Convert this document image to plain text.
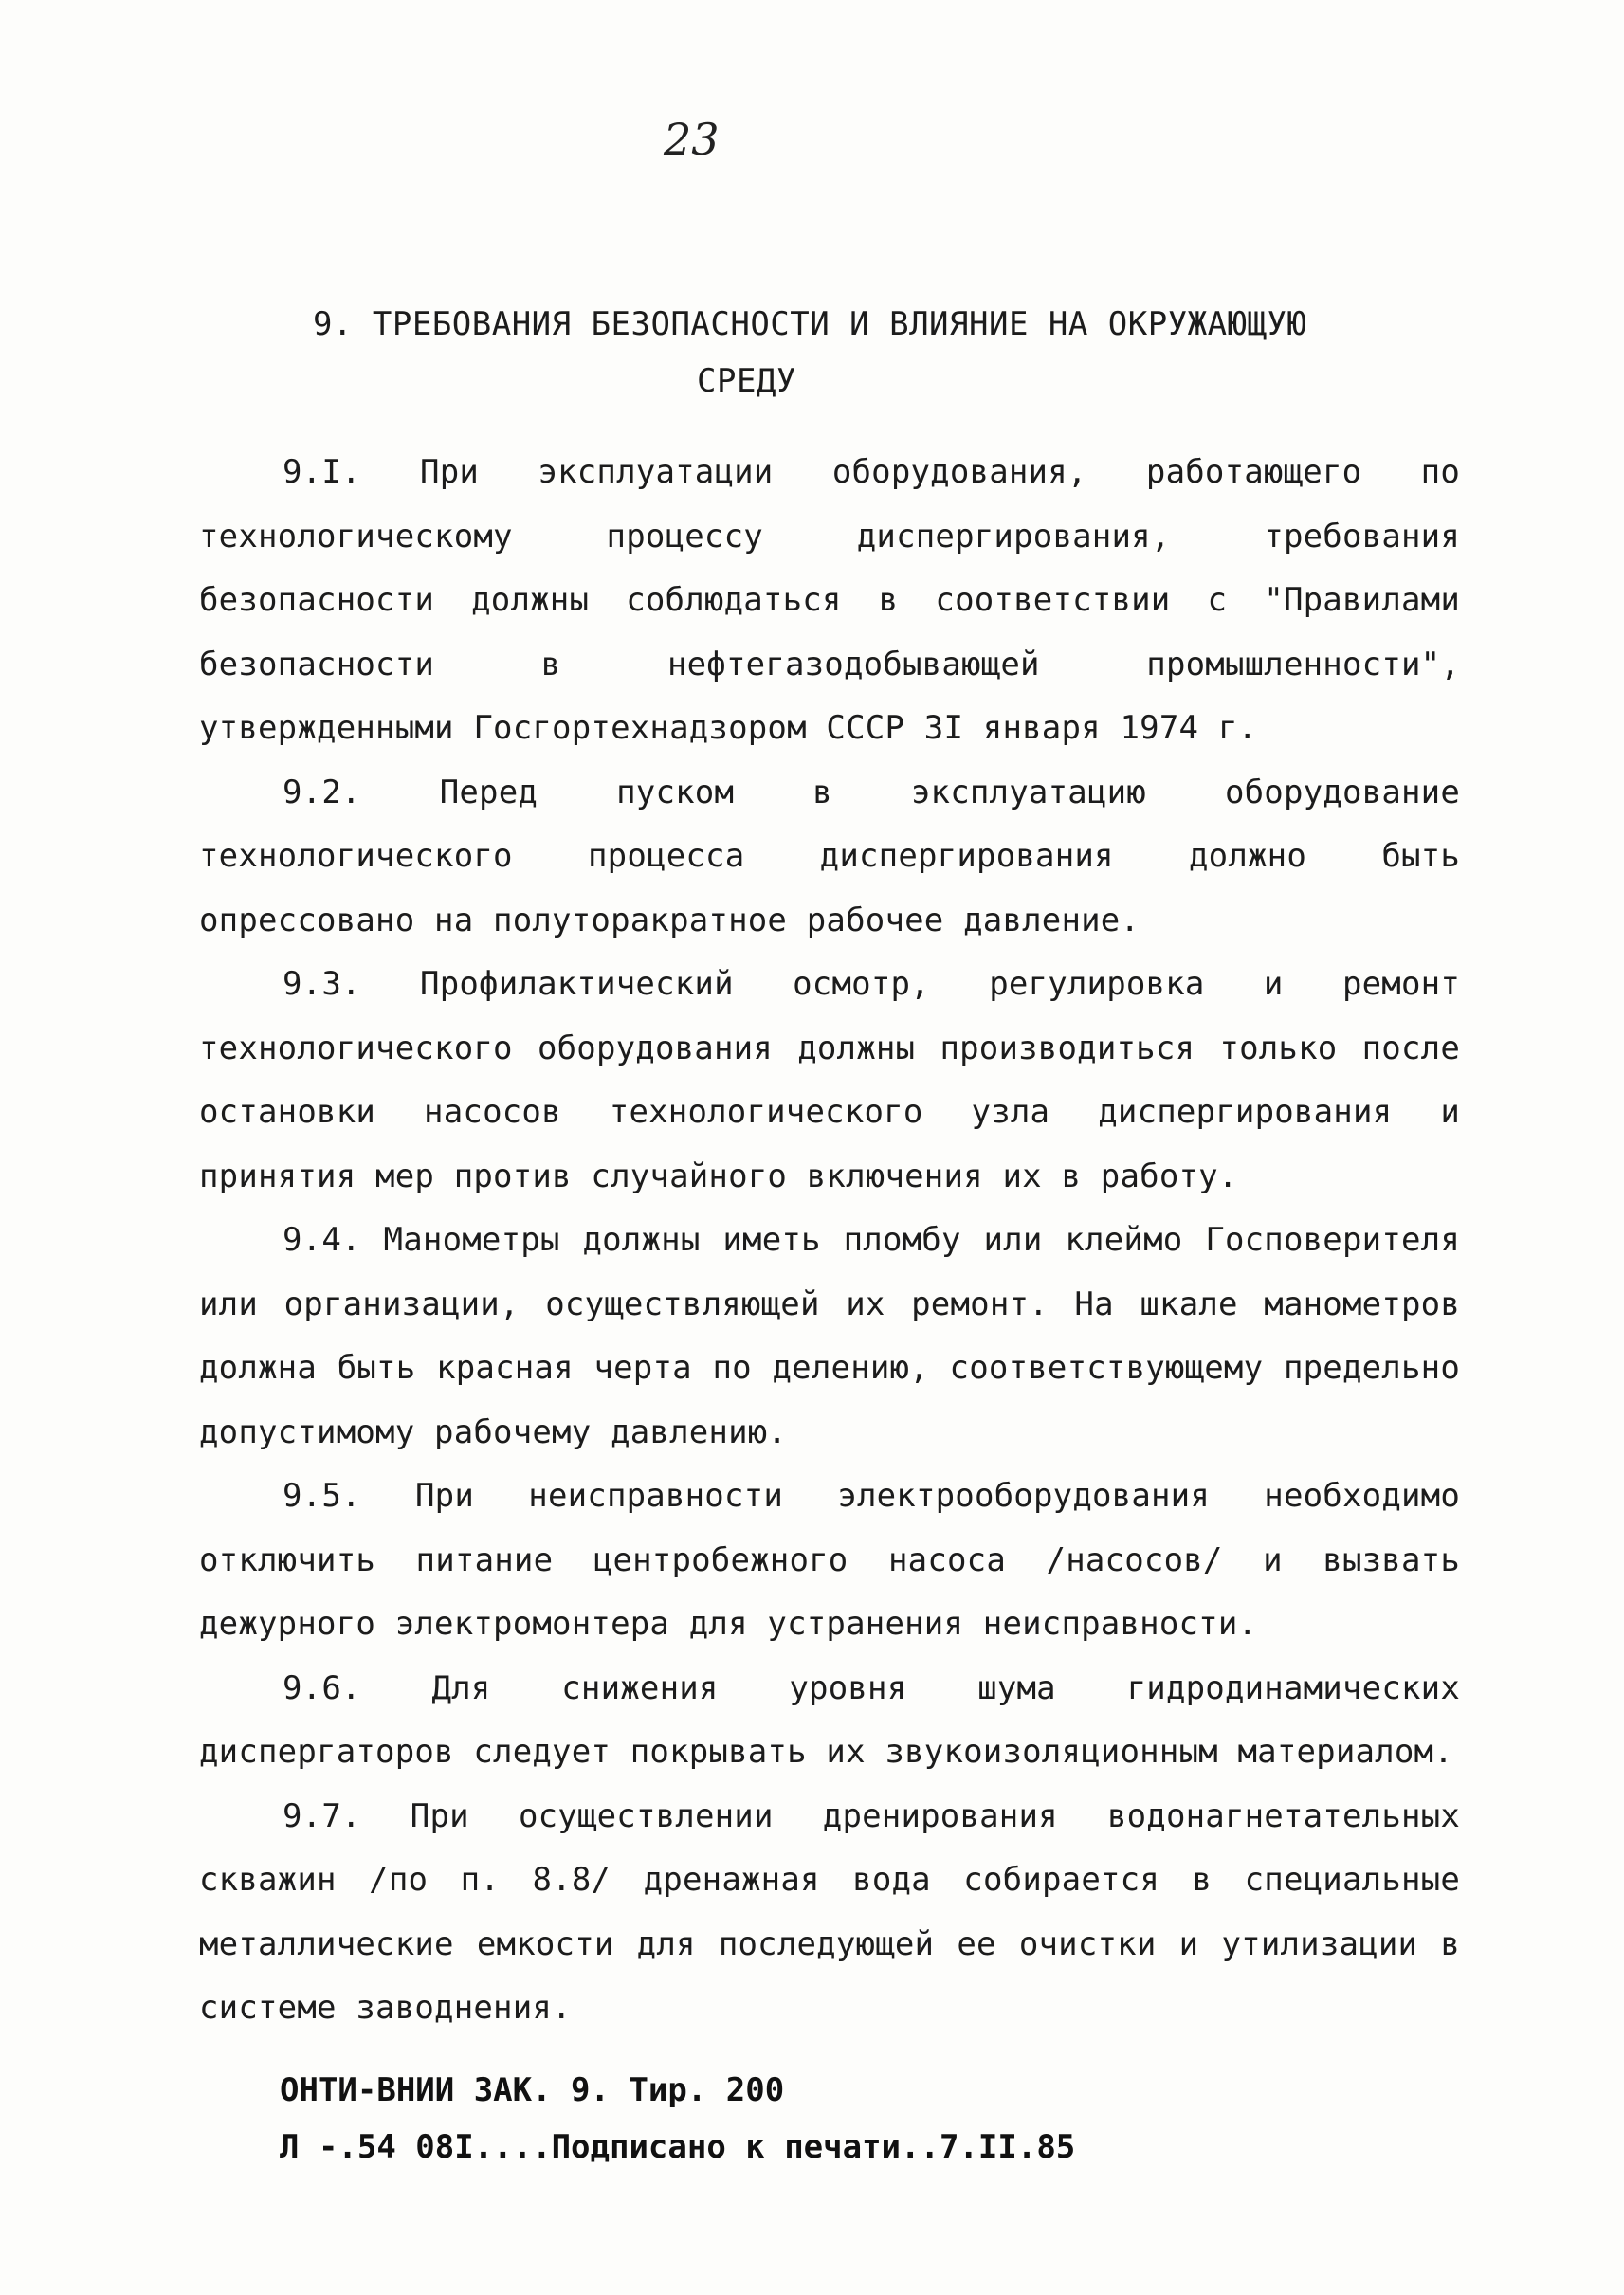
23
9. ТРЕБОВАНИЯ БЕЗОПАСНОСТИ И ВЛИЯНИЕ НА ОКРУЖАЮЩУЮ
СРЕДУ

9.I. При эксплуатации оборудования, работающего по технологическому процессу диспергирования, требования безопасности должны соблюдаться в соответствии с "Правилами безопасности в нефтегазодобывающей промышленности", утвержденными Госгортехнадзором СССР 3I января 1974 г.

9.2. Перед пуском в эксплуатацию оборудование технологического процесса диспергирования должно быть опрессовано на полуторакратное рабочее давление.

9.3. Профилактический осмотр, регулировка и ремонт технологического оборудования должны производиться только после остановки насосов технологического узла диспергирования и принятия мер против случайного включения их в работу.

9.4. Манометры должны иметь пломбу или клеймо Госповерителя или организации, осуществляющей их ремонт. На шкале манометров должна быть красная черта по делению, соответствующему предельно допустимому рабочему давлению.

9.5. При неисправности электрооборудования необходимо отключить питание центробежного насоса /насосов/ и вызвать дежурного электромонтера для устранения неисправности.

9.6. Для снижения уровня шума гидродинамических диспергаторов следует покрывать их звукоизоляционным материалом.

9.7. При осуществлении дренирования водонагнетательных скважин /по п. 8.8/ дренажная вода собирается в специальные металлические емкости для последующей ее очистки и утилизации в системе заводнения.

ОНТИ-ВНИИ ЗАК. 9. Тир. 200
Л -.54 08I....Подписано к печати..7.II.85
